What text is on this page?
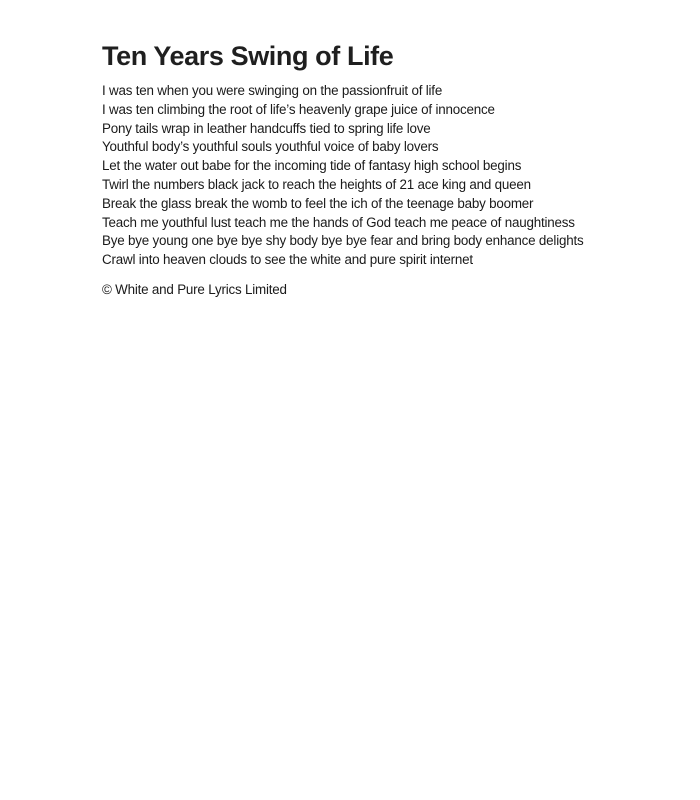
Ten Years Swing of Life
I was ten when you were swinging on the passionfruit of life
I was ten climbing the root of life’s heavenly grape juice of innocence
Pony tails wrap in leather handcuffs tied to spring life love
Youthful body’s youthful souls youthful voice of baby lovers
Let the water out babe for the incoming tide of fantasy high school begins
Twirl the numbers black jack to reach the heights of 21 ace king and queen
Break the glass break the womb to feel the ich of the teenage baby boomer
Teach me youthful lust teach me the hands of God teach me peace of naughtiness
Bye bye young one bye bye shy body bye bye fear and bring body enhance delights
Crawl into heaven clouds to see the white and pure spirit internet

© White and Pure Lyrics Limited
